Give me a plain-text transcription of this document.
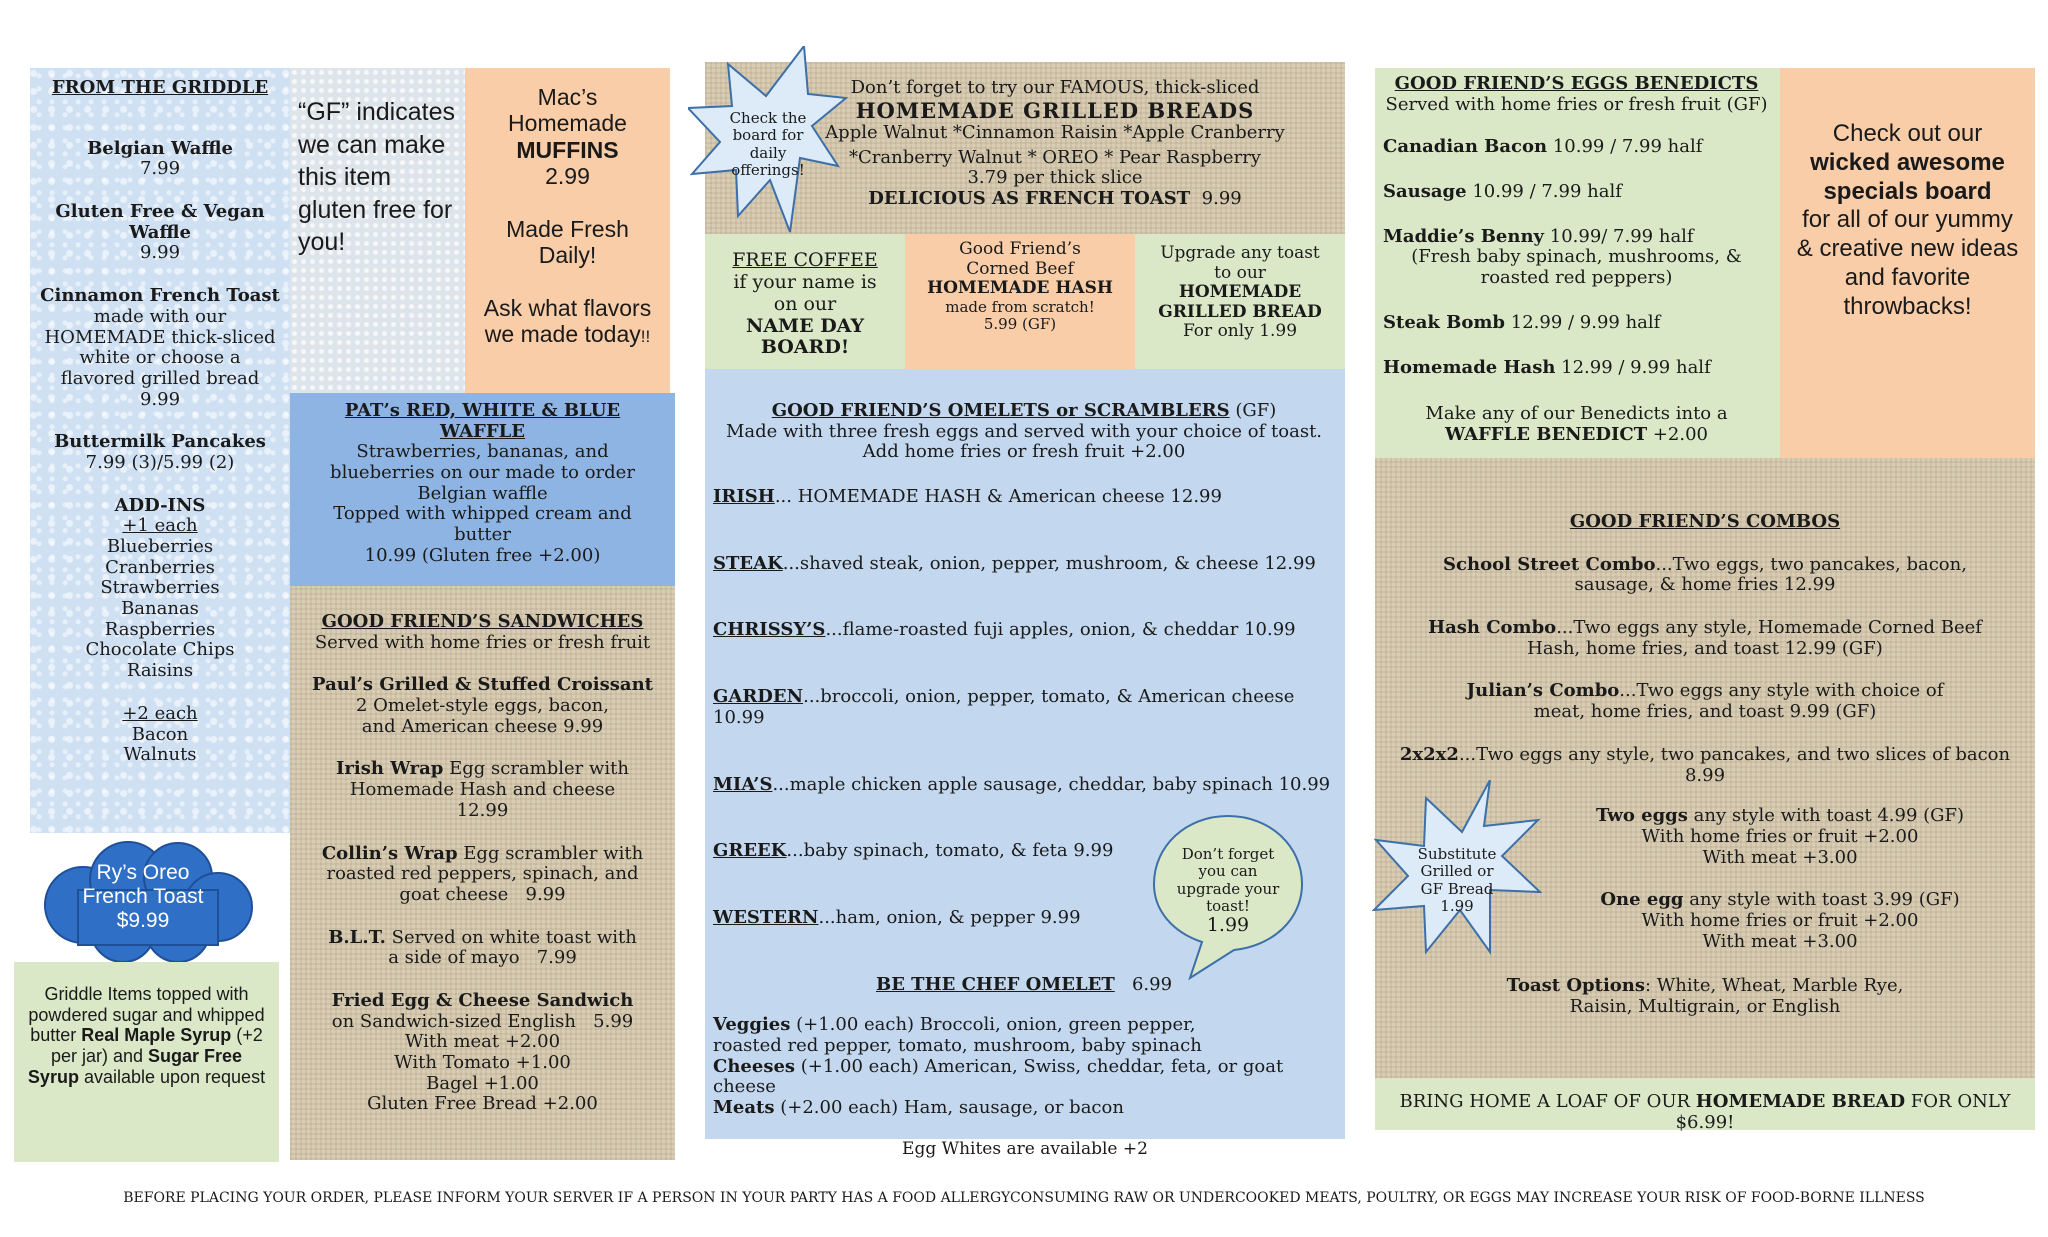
FROM THE GRIDDLE

Belgian Waffle

7.99

Gluten Free & Vegan Waffle

9.99

Cinnamon French Toast

made with our HOMEMADE thick-sliced white or choose a flavored grilled bread

9.99

Buttermilk Pancakes

7.99 (3)/5.99 (2)

ADD-INS

+1 each

Blueberries

Cranberries

Strawberries

Bananas

Raspberries

Chocolate Chips

Raisins

+2 each

Bacon

Walnuts

“GF” indicates we can make this item gluten free for you!

Mac’s

Homemade

MUFFINS

2.99

Made Fresh Daily!

Ask what flavors we made today!!

PAT’s RED, WHITE & BLUE WAFFLE

Strawberries, bananas, and blueberries on our made to order Belgian waffle

Topped with whipped cream and butter

10.99 (Gluten free +2.00)

GOOD FRIEND’S SANDWICHES

Served with home fries or fresh fruit

Paul’s Grilled & Stuffed Croissant

2 Omelet-style eggs, bacon, and American cheese 9.99

Irish Wrap Egg scrambler with Homemade Hash and cheese 12.99

Collin’s Wrap Egg scrambler with roasted red peppers, spinach, and goat cheese 9.99

B.L.T. Served on white toast with a side of mayo 7.99

Fried Egg & Cheese Sandwich

on Sandwich-sized English 5.99

With meat +2.00

With Tomato +1.00

Bagel +1.00

Gluten Free Bread +2.00

Ry’s Oreo

French Toast

$9.99

Griddle Items topped with powdered sugar and whipped butter Real Maple Syrup (+2 per jar) and Sugar Free Syrup available upon request

Don’t forget to try our FAMOUS, thick-sliced

HOMEMADE GRILLED BREADS

Apple Walnut *Cinnamon Raisin *Apple Cranberry

*Cranberry Walnut * OREO * Pear Raspberry

3.79 per thick slice

DELICIOUS AS FRENCH TOAST 9.99

Check the board for daily offerings!

FREE COFFEE

if your name is on our

NAME DAY BOARD!

Good Friend’s

Corned Beef

HOMEMADE HASH

made from scratch!

5.99 (GF)

Upgrade any toast to our

HOMEMADE GRILLED BREAD

For only 1.99

GOOD FRIEND’S OMELETS or SCRAMBLERS (GF)

Made with three fresh eggs and served with your choice of toast.

Add home fries or fresh fruit +2.00

IRISH... HOMEMADE HASH & American cheese 12.99

STEAK...shaved steak, onion, pepper, mushroom, & cheese 12.99

CHRISSY’S...flame-roasted fuji apples, onion, & cheddar 10.99

GARDEN...broccoli, onion, pepper, tomato, & American cheese 10.99

MIA’S...maple chicken apple sausage, cheddar, baby spinach 10.99

GREEK...baby spinach, tomato, & feta 9.99

WESTERN...ham, onion, & pepper 9.99

BE THE CHEF OMELET 6.99

Veggies (+1.00 each) Broccoli, onion, green pepper,

roasted red pepper, tomato, mushroom, baby spinach

Cheeses (+1.00 each) American, Swiss, cheddar, feta, or goat cheese

Meats (+2.00 each) Ham, sausage, or bacon

Don’t forget you can upgrade your toast!

1.99

Egg Whites are available +2

GOOD FRIEND’S EGGS BENEDICTS

Served with home fries or fresh fruit (GF)

Canadian Bacon 10.99 / 7.99 half

Sausage 10.99 / 7.99 half

Maddie’s Benny 10.99/ 7.99 half

(Fresh baby spinach, mushrooms, & roasted red peppers)

Steak Bomb 12.99 / 9.99 half

Homemade Hash 12.99 / 9.99 half

Make any of our Benedicts into a WAFFLE BENEDICT +2.00

Check out our

wicked awesome specials board

for all of our yummy & creative new ideas and favorite throwbacks!

GOOD FRIEND’S COMBOS

School Street Combo...Two eggs, two pancakes, bacon, sausage, & home fries 12.99

Hash Combo...Two eggs any style, Homemade Corned Beef Hash, home fries, and toast 12.99 (GF)

Julian’s Combo...Two eggs any style with choice of meat, home fries, and toast 9.99 (GF)

2x2x2...Two eggs any style, two pancakes, and two slices of bacon

8.99

Two eggs any style with toast 4.99 (GF)

With home fries or fruit +2.00

With meat +3.00

One egg any style with toast 3.99 (GF)

With home fries or fruit +2.00

With meat +3.00

Toast Options: White, Wheat, Marble Rye, Raisin, Multigrain, or English

Substitute

Grilled or

GF Bread

1.99

BRING HOME A LOAF OF OUR HOMEMADE BREAD FOR ONLY $6.99!

BEFORE PLACING YOUR ORDER, PLEASE INFORM YOUR SERVER IF A PERSON IN YOUR PARTY HAS A FOOD ALLERGYCONSUMING RAW OR UNDERCOOKED MEATS, POULTRY, OR EGGS MAY INCREASE YOUR RISK OF FOOD-BORNE ILLNESS
